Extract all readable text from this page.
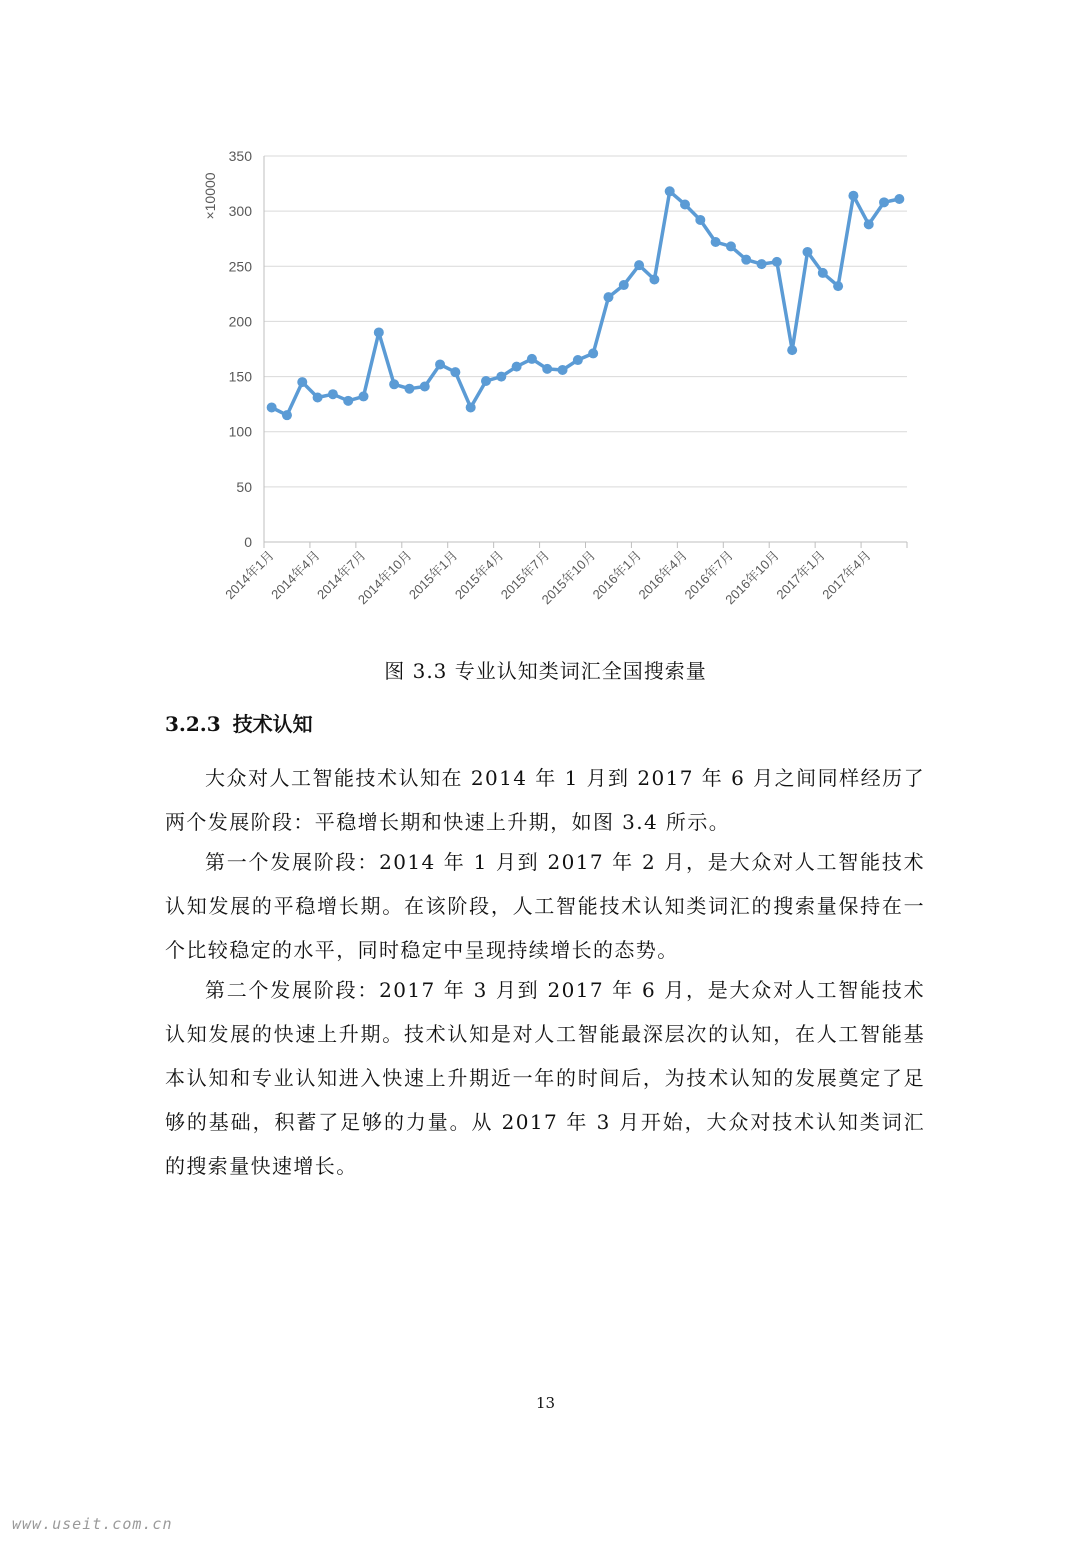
0
50
100
150
200
250
300
350
2014年1月
2014年4月
2014年7月
2014年10月
2015年1月
2015年4月
2015年7月
2015年10月
2016年1月
2016年4月
2016年7月
2016年10月
2017年1月
2017年4月
×10000
图 3.3 专业认知类词汇全国搜索量
3.2.3 技术认知

大众对人工智能技术认知在 2014 年 1 月到 2017 年 6 月之间同样经历了两个发展阶段：平稳增长期和快速上升期，如图 3.4 所示。

第一个发展阶段：2014 年 1 月到 2017 年 2 月，是大众对人工智能技术认知发展的平稳增长期。在该阶段，人工智能技术认知类词汇的搜索量保持在一个比较稳定的水平，同时稳定中呈现持续增长的态势。

第二个发展阶段：2017 年 3 月到 2017 年 6 月，是大众对人工智能技术认知发展的快速上升期。技术认知是对人工智能最深层次的认知，在人工智能基本认知和专业认知进入快速上升期近一年的时间后，为技术认知的发展奠定了足够的基础，积蓄了足够的力量。从 2017 年 3 月开始，大众对技术认知类词汇的搜索量快速增长。

13
www.useit.com.cn
